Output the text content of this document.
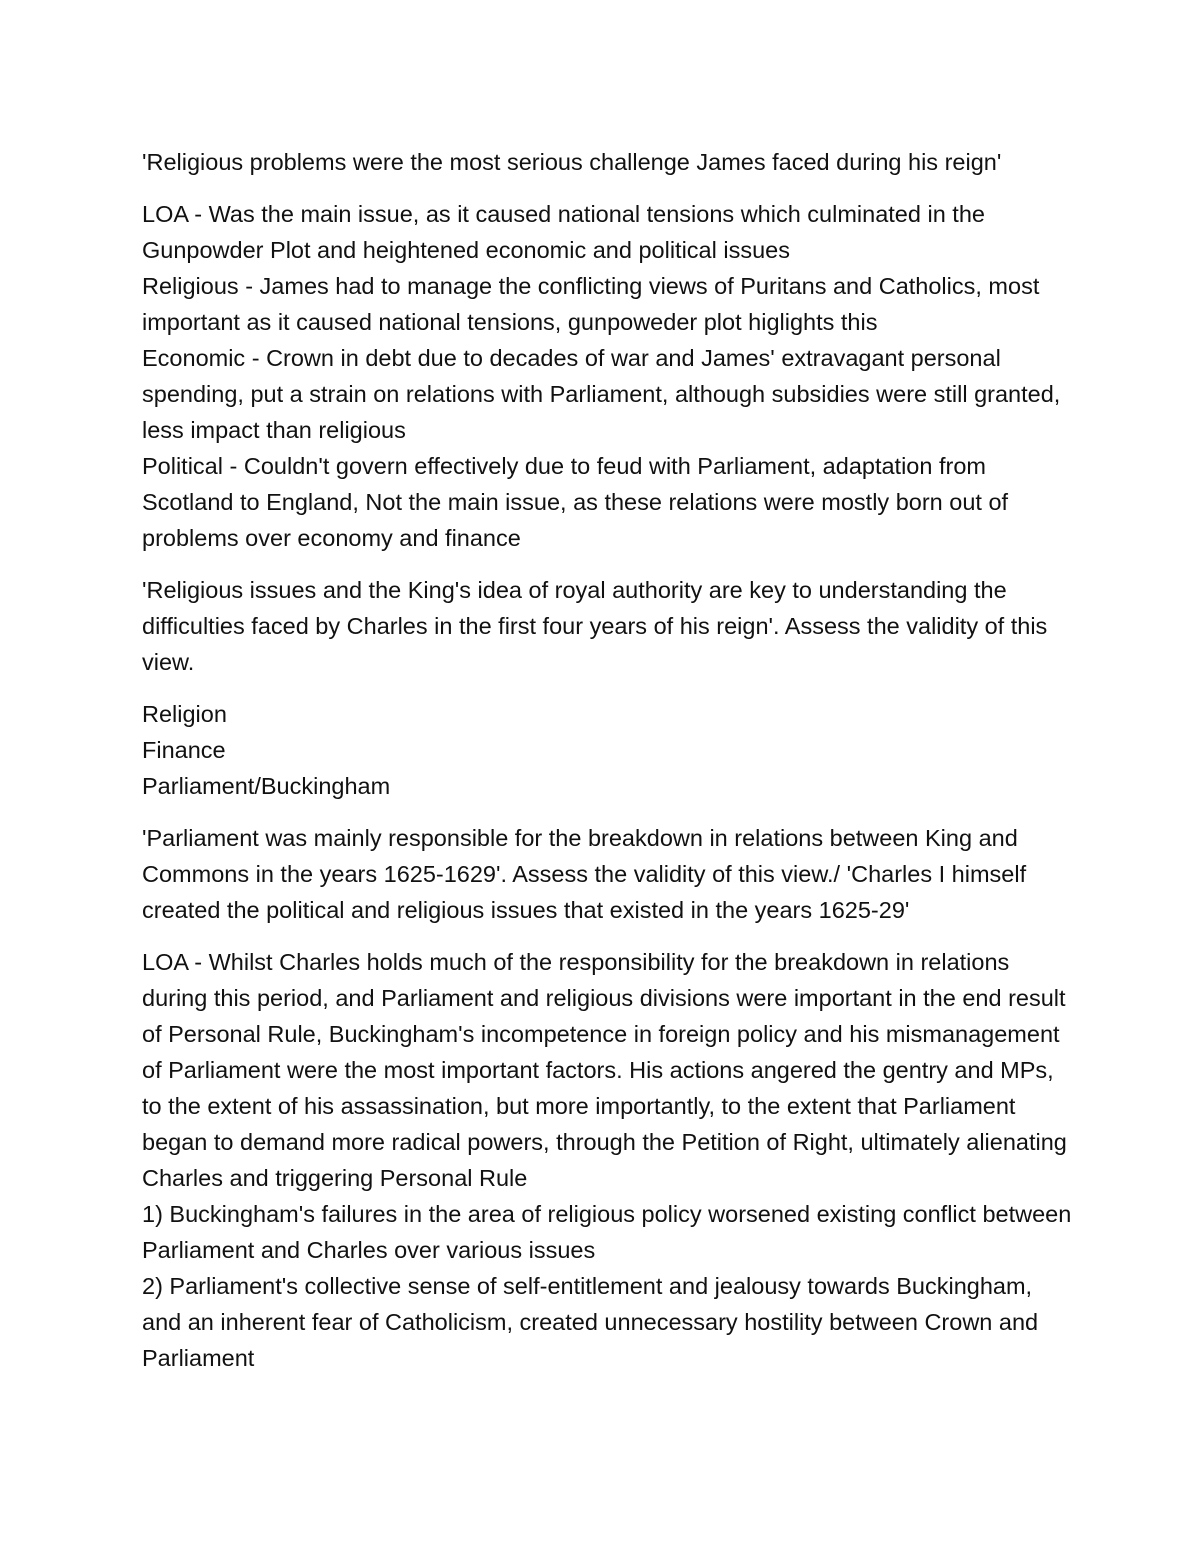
'Religious problems were the most serious challenge James faced during his reign'

LOA - Was the main issue, as it caused national tensions which culminated in the Gunpowder Plot and heightened economic and political issues
Religious - James had to manage the conflicting views of Puritans and Catholics, most important as it caused national tensions, gunpoweder plot higlights this
Economic - Crown in debt due to decades of war and James' extravagant personal spending, put a strain on relations with Parliament, although subsidies were still granted, less impact than religious
Political - Couldn't govern effectively due to feud with Parliament, adaptation from Scotland to England, Not the main issue, as these relations were mostly born out of problems over economy and finance

'Religious issues and the King's idea of royal authority are key to understanding the difficulties faced by Charles in the first four years of his reign'. Assess the validity of this view.

Religion
Finance
Parliament/Buckingham

'Parliament was mainly responsible for the breakdown in relations between King and Commons in the years 1625-1629'. Assess the validity of this view./ 'Charles I himself created the political and religious issues that existed in the years 1625-29'

LOA - Whilst Charles holds much of the responsibility for the breakdown in relations during this period, and Parliament and religious divisions were important in the end result of Personal Rule, Buckingham's incompetence in foreign policy and his mismanagement of Parliament were the most important factors. His actions angered the gentry and MPs, to the extent of his assassination, but more importantly, to the extent that Parliament began to demand more radical powers, through the Petition of Right, ultimately alienating Charles and triggering Personal Rule
1) Buckingham's failures in the area of religious policy worsened existing conflict between Parliament and Charles over various issues
2) Parliament's collective sense of self-entitlement and jealousy towards Buckingham, and an inherent fear of Catholicism, created unnecessary hostility between Crown and Parliament
